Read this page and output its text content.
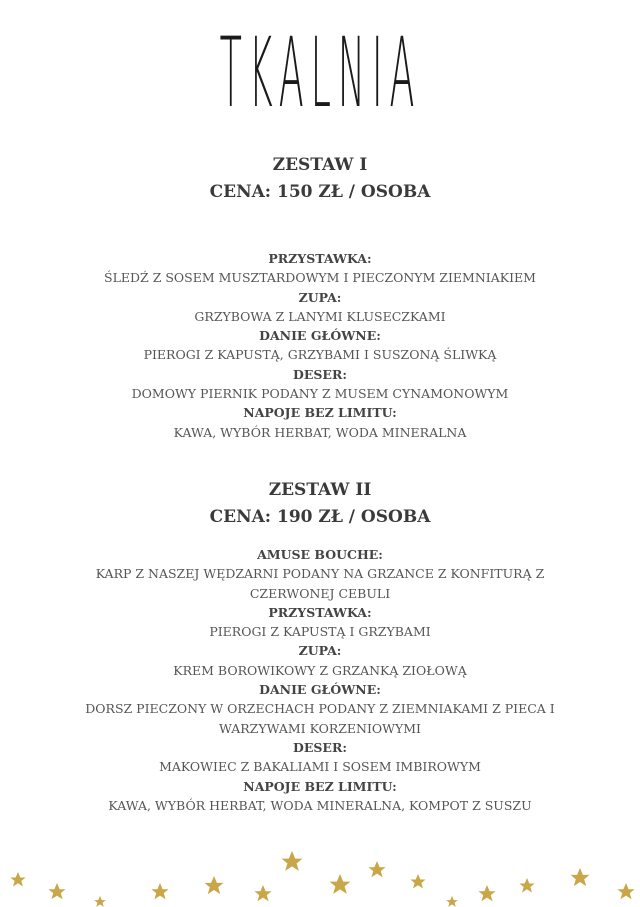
TKALNIA
ZESTAW I
CENA: 150 ZŁ / OSOBA
PRZYSTAWKA:
ŚLEDŹ Z SOSEM MUSZTARDOWYM I PIECZONYM ZIEMNIAKIEM
ZUPA:
GRZYBOWA Z LANYMI KLUSECZKAMI
DANIE GŁÓWNE:
PIEROGI Z KAPUSTĄ, GRZYBAMI I SUSZONĄ ŚLIWKĄ
DESER:
DOMOWY PIERNIK PODANY Z MUSEM CYNAMONOWYM
NAPOJE BEZ LIMITU:
KAWA, WYBÓR HERBAT, WODA MINERALNA
ZESTAW II
CENA: 190 ZŁ / OSOBA
AMUSE BOUCHE:
KARP Z NASZEJ WĘDZARNI PODANY NA GRZANCE Z KONFITURĄ Z CZERWONEJ CEBULI
PRZYSTAWKA:
PIEROGI Z KAPUSTĄ I GRZYBAMI
ZUPA:
KREM BOROWIKOWY Z GRZANKĄ ZIOŁOWĄ
DANIE GŁÓWNE:
DORSZ PIECZONY W ORZECHACH PODANY Z ZIEMNIAKAMI Z PIECA I WARZYWAMI KORZENIOWYMI
DESER:
MAKOWIEC Z BAKALIAMI I SOSEM IMBIROWYM
NAPOJE BEZ LIMITU:
KAWA, WYBÓR HERBAT, WODA MINERALNA, KOMPOT Z SUSZU
